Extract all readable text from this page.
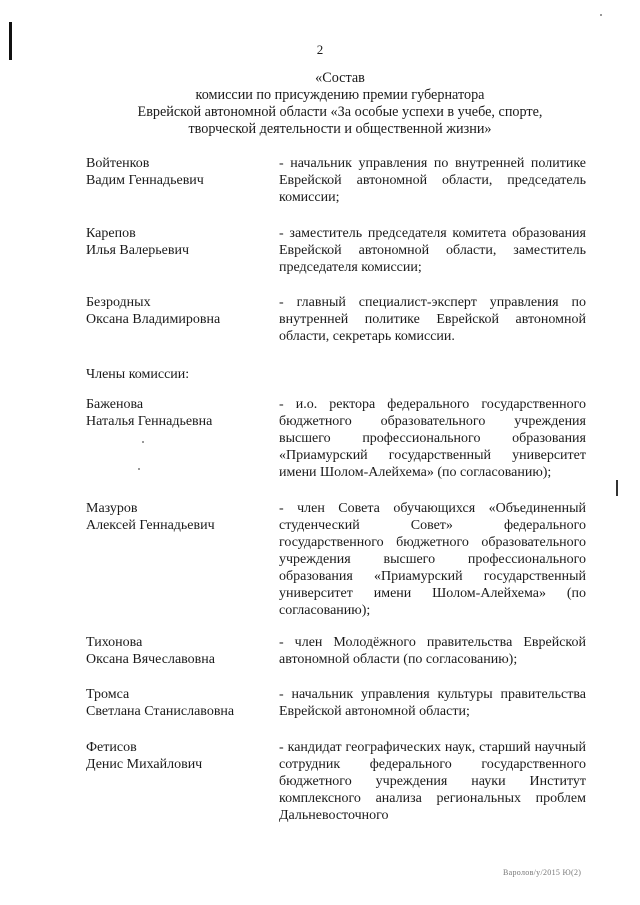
2
«Состав
комиссии по присуждению премии губернатора
Еврейской автономной области «За особые успехи в учебе, спорте,
творческой деятельности и общественной жизни»
Войтенков
Вадим Геннадьевич
- начальник управления по внутренней политике Еврейской автономной области, председатель комиссии;
Карепов
Илья Валерьевич
- заместитель председателя комитета образования Еврейской автономной области, заместитель председателя комиссии;
Безродных
Оксана Владимировна
- главный специалист-эксперт управления по внутренней политике Еврейской автономной области, секретарь комиссии.
Члены комиссии:
Баженова
Наталья Геннадьевна
- и.о. ректора федерального государственного бюджетного образовательного учреждения высшего профессионального образования «Приамурский государственный университет имени Шолом-Алейхема» (по согласованию);
Мазуров
Алексей Геннадьевич
- член Совета обучающихся «Объединенный студенческий Совет» федерального государственного бюджетного образовательного учреждения высшего профессионального образования «Приамурский государственный университет имени Шолом-Алейхема» (по согласованию);
Тихонова
Оксана Вячеславовна
- член Молодёжного правительства Еврейской автономной области (по согласованию);
Тромса
Светлана Станиславовна
- начальник управления культуры правительства Еврейской автономной области;
Фетисов
Денис Михайлович
- кандидат географических наук, старший научный сотрудник федерального государственного бюджетного учреждения науки Институт комплексного анализа региональных проблем Дальневосточного
Варолов/у/2015 Ю(2)
